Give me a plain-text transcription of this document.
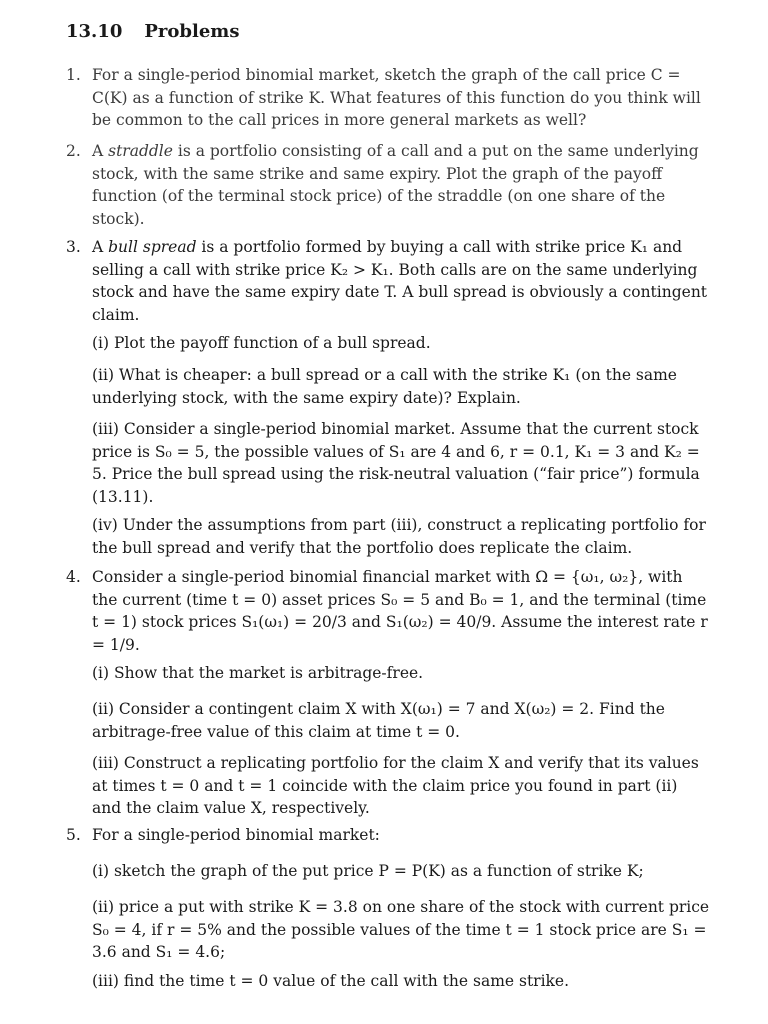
13.10 Problems
1. For a single-period binomial market, sketch the graph of the call price C = C(K) as a function of strike K. What features of this function do you think will be common to the call prices in more general markets as well?
2. A straddle is a portfolio consisting of a call and a put on the same underlying stock, with the same strike and same expiry. Plot the graph of the payoff function (of the terminal stock price) of the straddle (on one share of the stock).
3. A bull spread is a portfolio formed by buying a call with strike price K₁ and selling a call with strike price K₂ > K₁. Both calls are on the same underlying stock and have the same expiry date T. A bull spread is obviously a contingent claim.
(i) Plot the payoff function of a bull spread.
(ii) What is cheaper: a bull spread or a call with the strike K₁ (on the same underlying stock, with the same expiry date)? Explain.
(iii) Consider a single-period binomial market. Assume that the current stock price is S₀ = 5, the possible values of S₁ are 4 and 6, r = 0.1, K₁ = 3 and K₂ = 5. Price the bull spread using the risk-neutral valuation (“fair price”) formula (13.11).
(iv) Under the assumptions from part (iii), construct a replicating portfolio for the bull spread and verify that the portfolio does replicate the claim.
4. Consider a single-period binomial financial market with Ω = {ω₁, ω₂}, with the current (time t = 0) asset prices S₀ = 5 and B₀ = 1, and the terminal (time t = 1) stock prices S₁(ω₁) = 20/3 and S₁(ω₂) = 40/9. Assume the interest rate r = 1/9.
(i) Show that the market is arbitrage-free.
(ii) Consider a contingent claim X with X(ω₁) = 7 and X(ω₂) = 2. Find the arbitrage-free value of this claim at time t = 0.
(iii) Construct a replicating portfolio for the claim X and verify that its values at times t = 0 and t = 1 coincide with the claim price you found in part (ii) and the claim value X, respectively.
5. For a single-period binomial market:
(i) sketch the graph of the put price P = P(K) as a function of strike K;
(ii) price a put with strike K = 3.8 on one share of the stock with current price S₀ = 4, if r = 5% and the possible values of the time t = 1 stock price are S₁ = 3.6 and S₁ = 4.6;
(iii) find the time t = 0 value of the call with the same strike.
